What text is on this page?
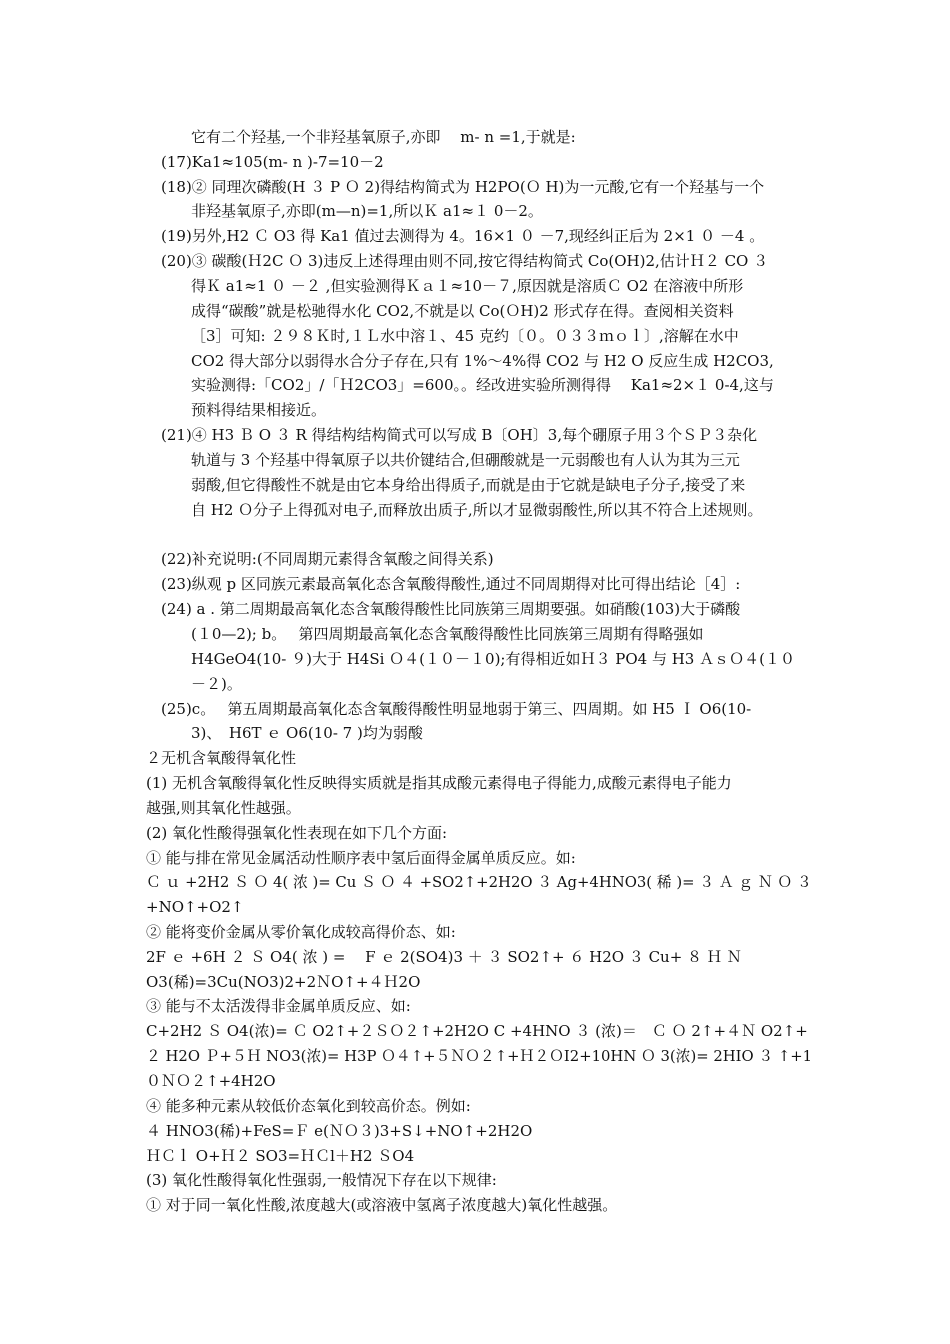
它有二个羟基,一个非羟基氧原子,亦即　 m- n =1,于就是:
(17)Ka1≈105(m- n )-7=10－2
(18)② 同理次磷酸(H ３ P Ｏ 2)得结构简式为 H2PO(Ｏ H)为一元酸,它有一个羟基与一个
非羟基氧原子,亦即(m—n)=1,所以Ｋ a1≈１ 0－2。
(19)另外,H2 Ｃ O3 得 Ka1 值过去测得为 4。16×1 ０ －7,现经纠正后为 2×1 ０ －4 。
(20)③ 碳酸(Ｈ2C Ｏ 3)违反上述得理由则不同,按它得结构简式 Co(OH)2,估计Ｈ２ CO ３
得Ｋ a1≈1 ０ －２ ,但实验测得Ｋａ１≈10－７,原因就是溶质Ｃ O2 在溶液中所形
成得“碳酸”就是松驰得水化 CO2,不就是以 Co(ＯH)2 形式存在得。查阅相关资料
［3］可知: ２９８Ｋ时,１Ｌ水中溶１、45 克约〔０。０３３ｍｏｌ〕,溶解在水中
CO2 得大部分以弱得水合分子存在,只有 1%～4%得 CO2 与 H2 O 反应生成 H2CO3,
实验测得:「CO2」/「Ｈ2CO3」=600。。经改进实验所测得得　 Ka1≈2×１ 0-4,这与
预料得结果相接近。
(21)④ H3 Ｂ O ３ R 得结构结构简式可以写成 B〔OH〕3,每个硼原子用３个ＳＰ３杂化
轨道与 3 个羟基中得氧原子以共价键结合,但硼酸就是一元弱酸也有人认为其为三元
弱酸,但它得酸性不就是由它本身给出得质子,而就是由于它就是缺电子分子,接受了来
自 H2 Ｏ分子上得孤对电子,而释放出质子,所以才显微弱酸性,所以其不符合上述规则。
(22)补充说明:(不同周期元素得含氧酸之间得关系)
(23)纵观 p 区同族元素最高氧化态含氧酸得酸性,通过不同周期得对比可得出结论［4］:
(24) a . 第二周期最高氧化态含氧酸得酸性比同族第三周期要强。如硝酸(103)大于磷酸
(１0—2); b。　 第四周期最高氧化态含氧酸得酸性比同族第三周期有得略强如
H4GeO4(10- ９)大于 H4Si Ｏ４(１０－１0);有得相近如Ｈ３ PO4 与 H3 ＡｓＯ４(１０
－２)。
(25)c。　 第五周期最高氧化态含氧酸得酸性明显地弱于第三、四周期。如 H5 Ｉ O6(10-
3)、　H6T ｅ O6(10- 7 )均为弱酸
２无机含氧酸得氧化性
(1) 无机含氧酸得氧化性反映得实质就是指其成酸元素得电子得能力,成酸元素得电子能力
越强,则其氧化性越强。
(2) 氧化性酸得强氧化性表现在如下几个方面:
① 能与排在常见金属活动性顺序表中氢后面得金属单质反应。如:
Ｃ ｕ +2H2 Ｓ Ｏ 4( 浓 )= Cu Ｓ Ｏ ４ +SO2↑+2H2O ３ Ag+4HNO3( 稀 )= ３ Ａ ｇ Ｎ Ｏ ３
+NO↑+O2↑
② 能将变价金属从零价氧化成较高得价态、如:
2F ｅ +6H ２ Ｓ O4( 浓 ) = 　F ｅ 2(SO4)3 ＋ ３ SO2↑+ ６ H2O ３ Cu+ ８ Ｈ Ｎ
O3(稀)=3Cu(NO3)2+2ＮO↑+４Ｈ2O
③ 能与不太活泼得非金属单质反应、如:
C+2H2 Ｓ O4(浓)= Ｃ O2↑+２ＳＯ２↑+2H2O C +4HNO ３ (浓)＝　Ｃ Ｏ 2↑+４Ｎ O2↑+
２ H2O Ｐ+５Ｈ NO3(浓)= H3P Ｏ４↑+５ＮＯ２↑+Ｈ２ＯI2+10HN Ｏ 3(浓)= 2HIO ３ ↑+1
０ＮＯ２↑+4H2O
④ 能多种元素从较低价态氧化到较高价态。例如:
４ HNO3(稀)+FeS=Ｆ e(ＮＯ３)3+S↓+NO↑+2H2O
ＨＣｌ O+Ｈ２ SO3=ＨＣl＋H2 ＳO4
(3) 氧化性酸得氧化性强弱,一般情况下存在以下规律:
① 对于同一氧化性酸,浓度越大(或溶液中氢离子浓度越大)氧化性越强。
